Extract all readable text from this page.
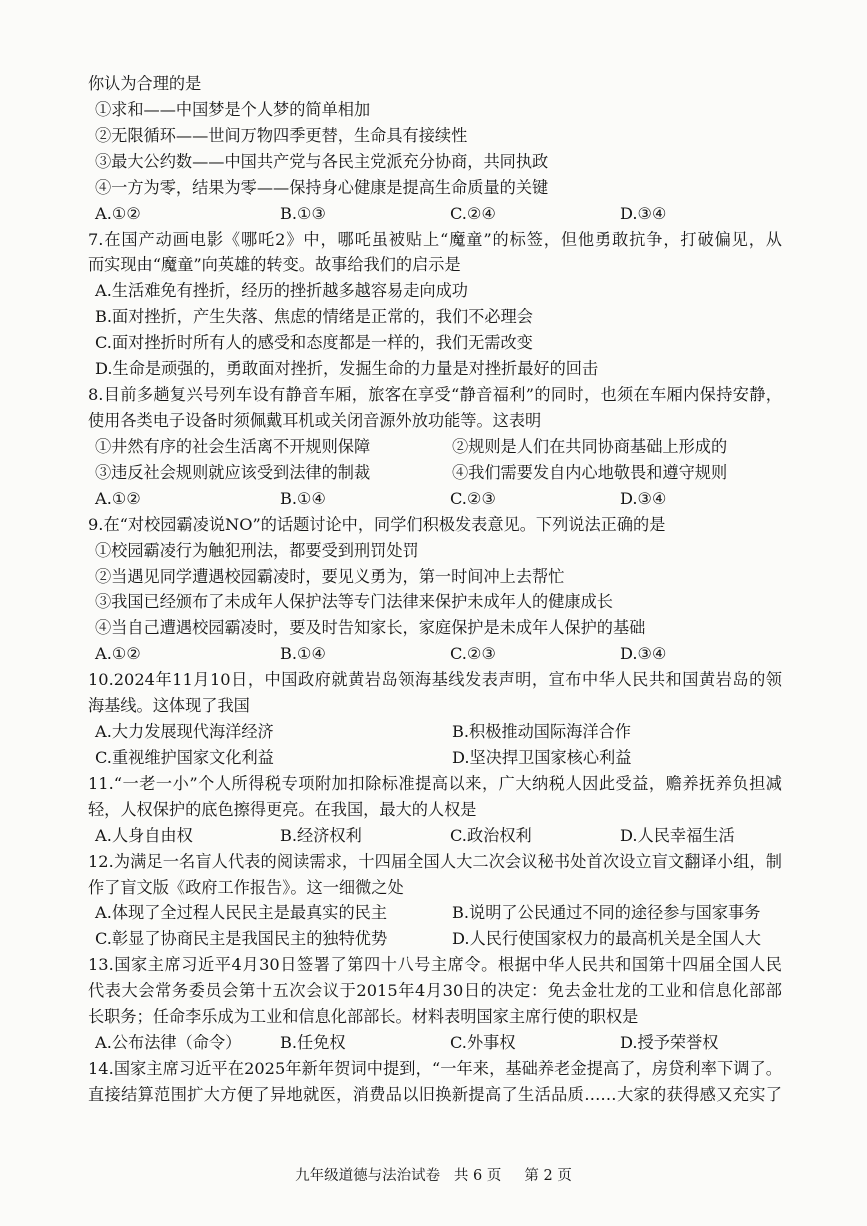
你认为合理的是
①求和——中国梦是个人梦的简单相加
②无限循环——世间万物四季更替，生命具有接续性
③最大公约数——中国共产党与各民主党派充分协商，共同执政
④一方为零，结果为零——保持身心健康是提高生命质量的关键
A.①②	B.①③	C.②④	D.③④
7.在国产动画电影《哪吒2》中，哪吒虽被贴上“魔童”的标签，但他勇敢抗争，打破偏见，从
而实现由“魔童”向英雄的转变。故事给我们的启示是
A.生活难免有挫折，经历的挫折越多越容易走向成功
B.面对挫折，产生失落、焦虑的情绪是正常的，我们不必理会
C.面对挫折时所有人的感受和态度都是一样的，我们无需改变
D.生命是顽强的，勇敢面对挫折，发掘生命的力量是对挫折最好的回击
8.目前多趟复兴号列车设有静音车厢，旅客在享受“静音福利”的同时，也须在车厢内保持安静，
使用各类电子设备时须佩戴耳机或关闭音源外放功能等。这表明
①井然有序的社会生活离不开规则保障	②规则是人们在共同协商基础上形成的
③违反社会规则就应该受到法律的制裁	④我们需要发自内心地敬畏和遵守规则
A.①②	B.①④	C.②③	D.③④
9.在“对校园霸凌说NO”的话题讨论中，同学们积极发表意见。下列说法正确的是
①校园霸凌行为触犯刑法，都要受到刑罚处罚
②当遇见同学遭遇校园霸凌时，要见义勇为，第一时间冲上去帮忙
③我国已经颁布了未成年人保护法等专门法律来保护未成年人的健康成长
④当自己遭遇校园霸凌时，要及时告知家长，家庭保护是未成年人保护的基础
A.①②	B.①④	C.②③	D.③④
10.2024年11月10日，中国政府就黄岩岛领海基线发表声明，宣布中华人民共和国黄岩岛的领
海基线。这体现了我国
A.大力发展现代海洋经济	B.积极推动国际海洋合作
C.重视维护国家文化利益	D.坚决捍卫国家核心利益
11.“一老一小”个人所得税专项附加扣除标准提高以来，广大纳税人因此受益，赡养抚养负担减
轻，人权保护的底色擦得更亮。在我国，最大的人权是
A.人身自由权	B.经济权利	C.政治权利	D.人民幸福生活
12.为满足一名盲人代表的阅读需求，十四届全国人大二次会议秘书处首次设立盲文翻译小组，制
作了盲文版《政府工作报告》。这一细微之处
A.体现了全过程人民民主是最真实的民主	B.说明了公民通过不同的途径参与国家事务
C.彰显了协商民主是我国民主的独特优势	D.人民行使国家权力的最高机关是全国人大
13.国家主席习近平4月30日签署了第四十八号主席令。根据中华人民共和国第十四届全国人民
代表大会常务委员会第十五次会议于2015年4月30日的决定：免去金壮龙的工业和信息化部部
长职务；任命李乐成为工业和信息化部部长。材料表明国家主席行使的职权是
A.公布法律（命令） B.任免权	C.外事权	D.授予荣誉权
14.国家主席习近平在2025年新年贺词中提到，“一年来，基础养老金提高了，房贷利率下调了。
直接结算范围扩大方便了异地就医，消费品以旧换新提高了生活品质……大家的获得感又充实了
九年级道德与法治试卷   共 6 页     第 2 页
